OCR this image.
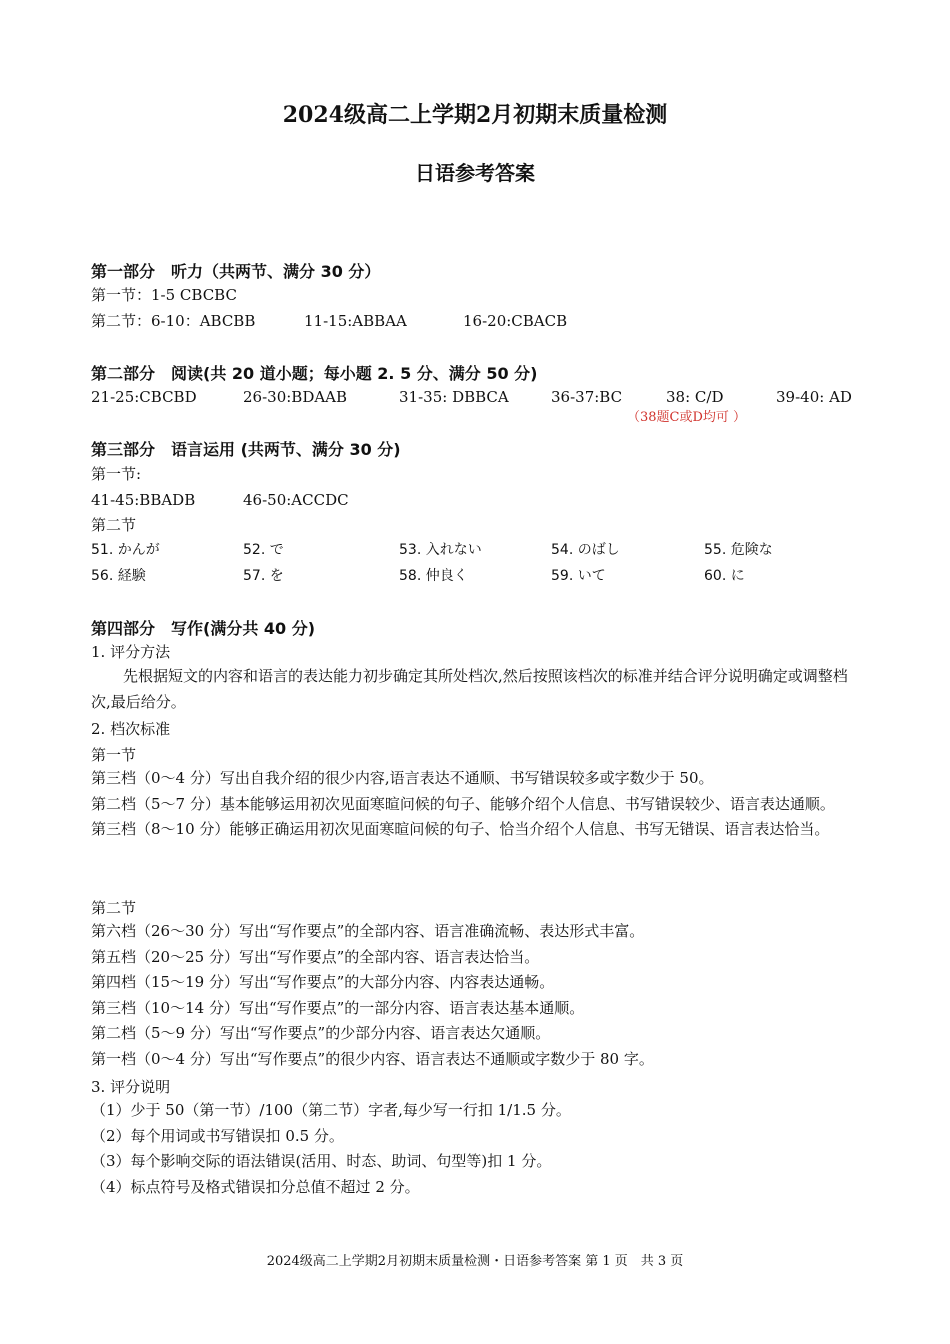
2024级高二上学期2月初期末质量检测
日语参考答案
第一部分　听力（共两节、满分 30 分）
第一节：1-5 CBCBC
第二节：6-10：ABCBB	11-15:ABBAA	16-20:CBACB
第二部分　阅读(共 20 道小题；每小题 2. 5 分、满分 50 分)
21-25:CBCBD	26-30:BDAAB	31-35: DBBCA	36-37:BC	38: C/D	39-40: AD
（38题C或D均可 ）
第三部分　语言运用 (共两节、满分 30 分)
第一节:
41-45:BBADB	46-50:ACCDC
第二节
51. かんが	52. で	53. 入れない	54. のばし	55. 危険な
56. 経験	57. を	58. 仲良く	59. いて	60. に
第四部分　写作(满分共 40 分)
1. 评分方法
先根据短文的内容和语言的表达能力初步确定其所处档次,然后按照该档次的标准并结合评分说明确定或调整档次,最后给分。
2. 档次标准
第一节
第三档（0～4 分）写出自我介绍的很少内容,语言表达不通顺、书写错误较多或字数少于 50。
第二档（5～7 分）基本能够运用初次见面寒暄问候的句子、能够介绍个人信息、书写错误较少、语言表达通顺。
第三档（8～10 分）能够正确运用初次见面寒暄问候的句子、恰当介绍个人信息、书写无错误、语言表达恰当。
第二节
第六档（26～30 分）写出“写作要点”的全部内容、语言准确流畅、表达形式丰富。
第五档（20～25 分）写出“写作要点”的全部内容、语言表达恰当。
第四档（15～19 分）写出“写作要点”的大部分内容、内容表达通畅。
第三档（10～14 分）写出“写作要点”的一部分内容、语言表达基本通顺。
第二档（5～9 分）写出“写作要点”的少部分内容、语言表达欠通顺。
第一档（0～4 分）写出“写作要点”的很少内容、语言表达不通顺或字数少于 80 字。
3. 评分说明
（1）少于 50（第一节）/100（第二节）字者,每少写一行扣 1/1.5 分。
（2）每个用词或书写错误扣 0.5 分。
（3）每个影响交际的语法错误(活用、时态、助词、句型等)扣 1 分。
（4）标点符号及格式错误扣分总值不超过 2 分。
2024级高二上学期2月初期末质量检测・日语参考答案 第 1 页　共 3 页
